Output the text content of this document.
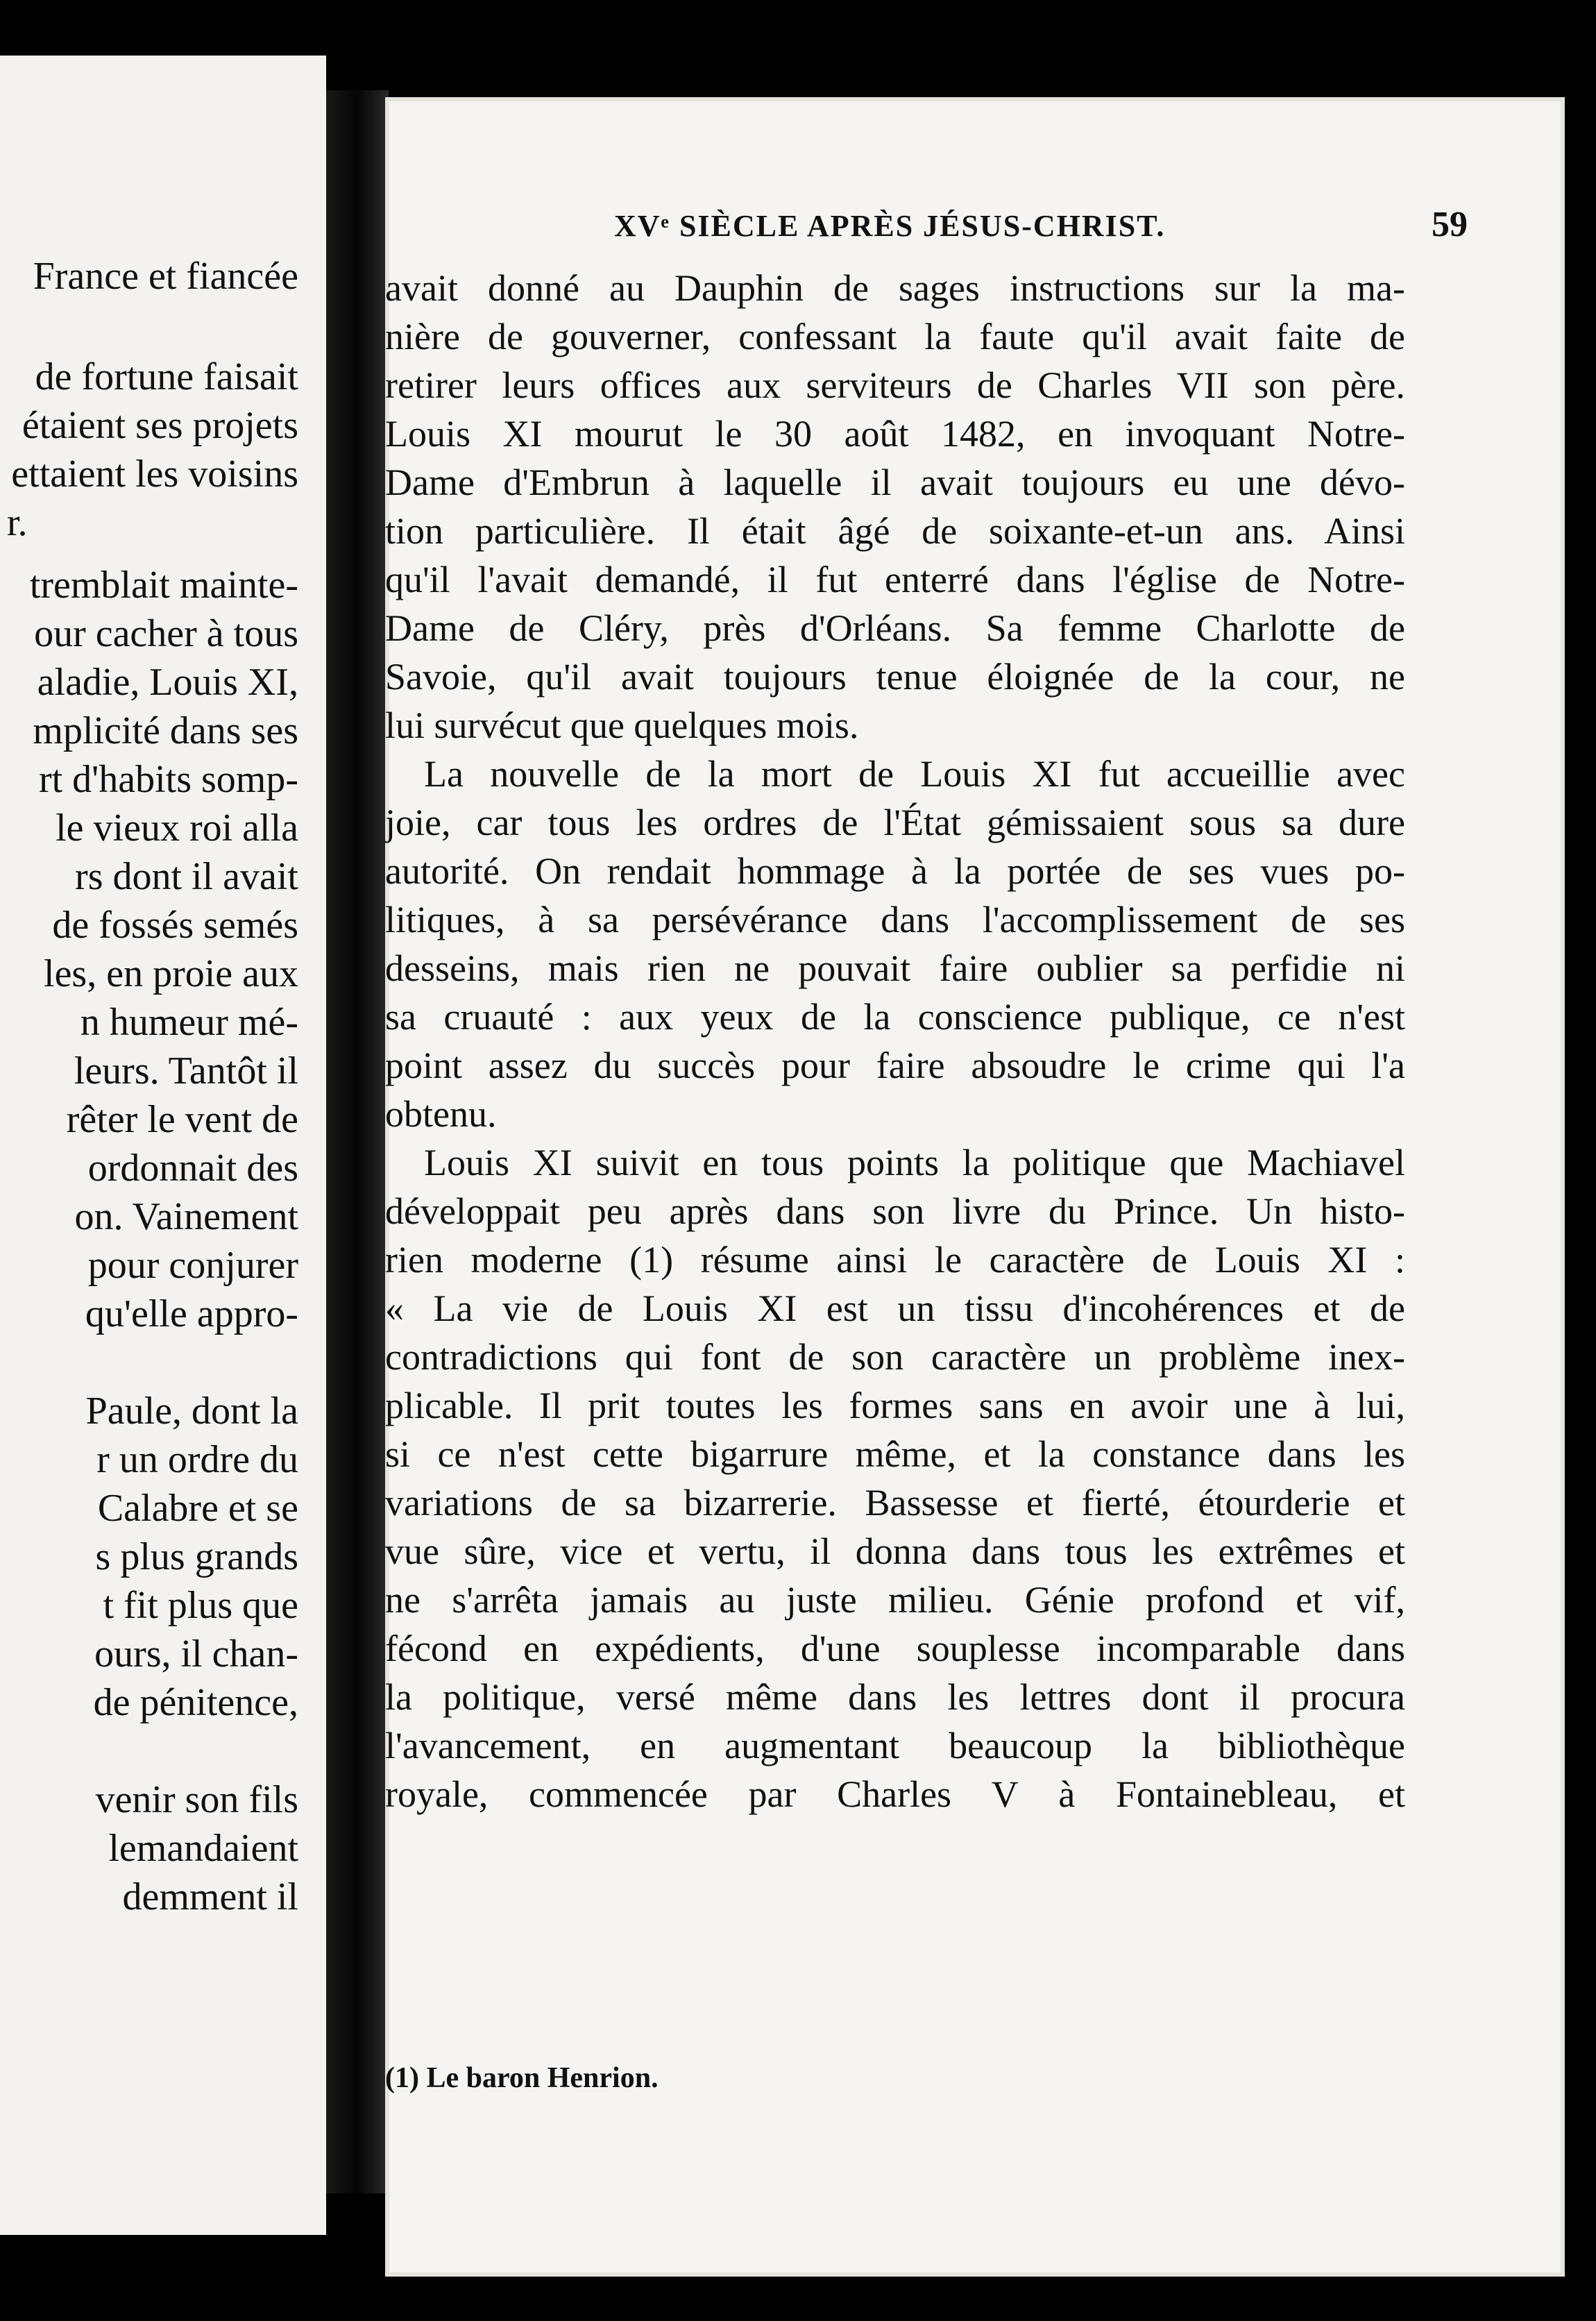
France et fiancée
de fortune faisait
étaient ses projets
ettaient les voisins
r.
tremblait mainte-
our cacher à tous
aladie, Louis XI,
mplicité dans ses
rt d'habits somp-
le vieux roi alla
rs dont il avait
de fossés semés
les, en proie aux
n humeur mé-
leurs. Tantôt il
rêter le vent de
ordonnait des
on. Vainement
pour conjurer
qu'elle appro-
Paule, dont la
r un ordre du
Calabre et se
s plus grands
t fit plus que
ours, il chan-
de pénitence,
venir son fils
lemandaient
demment il
XVᵉ SIÈCLE APRÈS JÉSUS-CHRIST.	59
avait donné au Dauphin de sages instructions sur la ma-
nière de gouverner, confessant la faute qu'il avait faite de
retirer leurs offices aux serviteurs de Charles VII son père.
Louis XI mourut le 30 août 1482, en invoquant Notre-
Dame d'Embrun à laquelle il avait toujours eu une dévo-
tion particulière. Il était âgé de soixante-et-un ans. Ainsi
qu'il l'avait demandé, il fut enterré dans l'église de Notre-
Dame de Cléry, près d'Orléans. Sa femme Charlotte de
Savoie, qu'il avait toujours tenue éloignée de la cour, ne
lui survécut que quelques mois.
La nouvelle de la mort de Louis XI fut accueillie avec
joie, car tous les ordres de l'État gémissaient sous sa dure
autorité. On rendait hommage à la portée de ses vues po-
litiques, à sa persévérance dans l'accomplissement de ses
desseins, mais rien ne pouvait faire oublier sa perfidie ni
sa cruauté : aux yeux de la conscience publique, ce n'est
point assez du succès pour faire absoudre le crime qui l'a
obtenu.
Louis XI suivit en tous points la politique que Machiavel
développait peu après dans son livre du Prince. Un histo-
rien moderne (1) résume ainsi le caractère de Louis XI :
« La vie de Louis XI est un tissu d'incohérences et de
contradictions qui font de son caractère un problème inex-
plicable. Il prit toutes les formes sans en avoir une à lui,
si ce n'est cette bigarrure même, et la constance dans les
variations de sa bizarrerie. Bassesse et fierté, étourderie et
vue sûre, vice et vertu, il donna dans tous les extrêmes et
ne s'arrêta jamais au juste milieu. Génie profond et vif,
fécond en expédients, d'une souplesse incomparable dans
la politique, versé même dans les lettres dont il procura
l'avancement, en augmentant beaucoup la bibliothèque
royale, commencée par Charles V à Fontainebleau, et
(1) Le baron Henrion.
